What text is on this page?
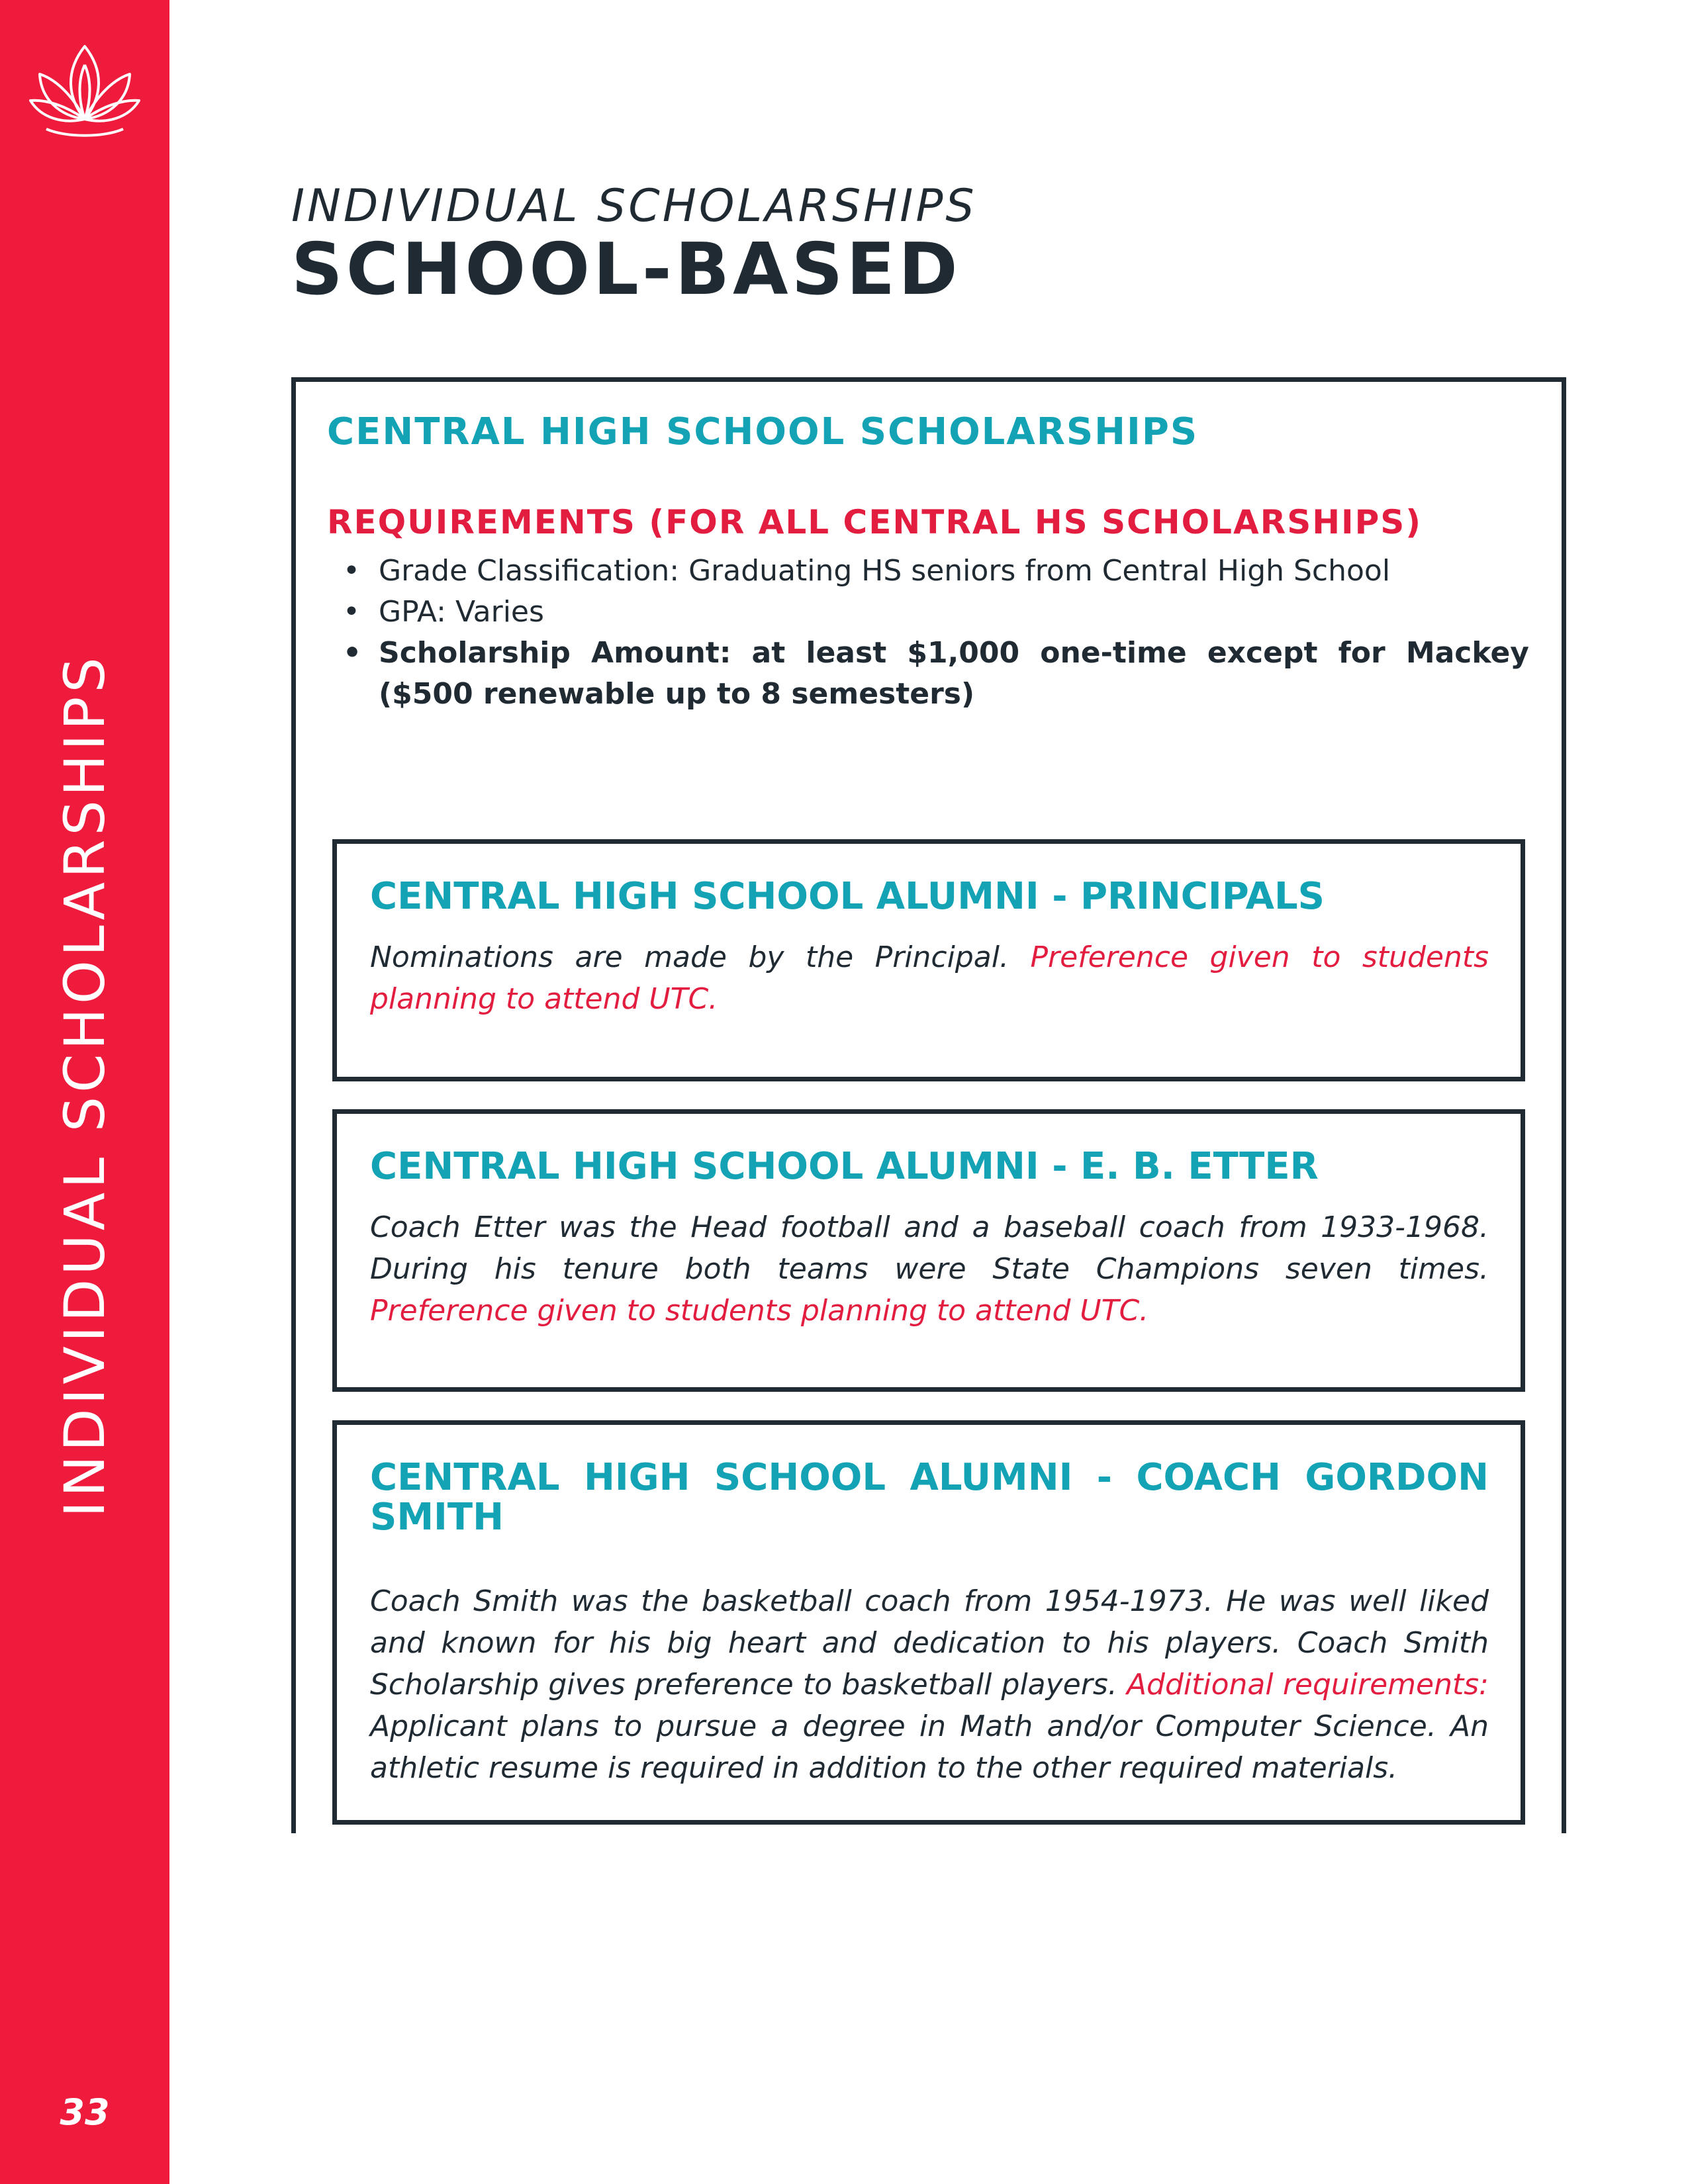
INDIVIDUAL SCHOLARSHIPS
33
INDIVIDUAL SCHOLARSHIPS
SCHOOL-BASED
CENTRAL HIGH SCHOOL SCHOLARSHIPS
REQUIREMENTS (FOR ALL CENTRAL HS SCHOLARSHIPS)
• Grade Classification: Graduating HS seniors from Central High School
• GPA: Varies
• Scholarship Amount: at least $1,000 one-time except for Mackey ($500 renewable up to 8 semesters)
CENTRAL HIGH SCHOOL ALUMNI - PRINCIPALS

Nominations are made by the Principal. Preference given to students planning to attend UTC.

CENTRAL HIGH SCHOOL ALUMNI - E. B. ETTER

Coach Etter was the Head football and a baseball coach from 1933-1968. During his tenure both teams were State Champions seven times. Preference given to students planning to attend UTC.

CENTRAL HIGH SCHOOL ALUMNI - COACH GORDON SMITH

Coach Smith was the basketball coach from 1954-1973. He was well liked and known for his big heart and dedication to his players. Coach Smith Scholarship gives preference to basketball players. Additional requirements: Applicant plans to pursue a degree in Math and/or Computer Science. An athletic resume is required in addition to the other required materials.
